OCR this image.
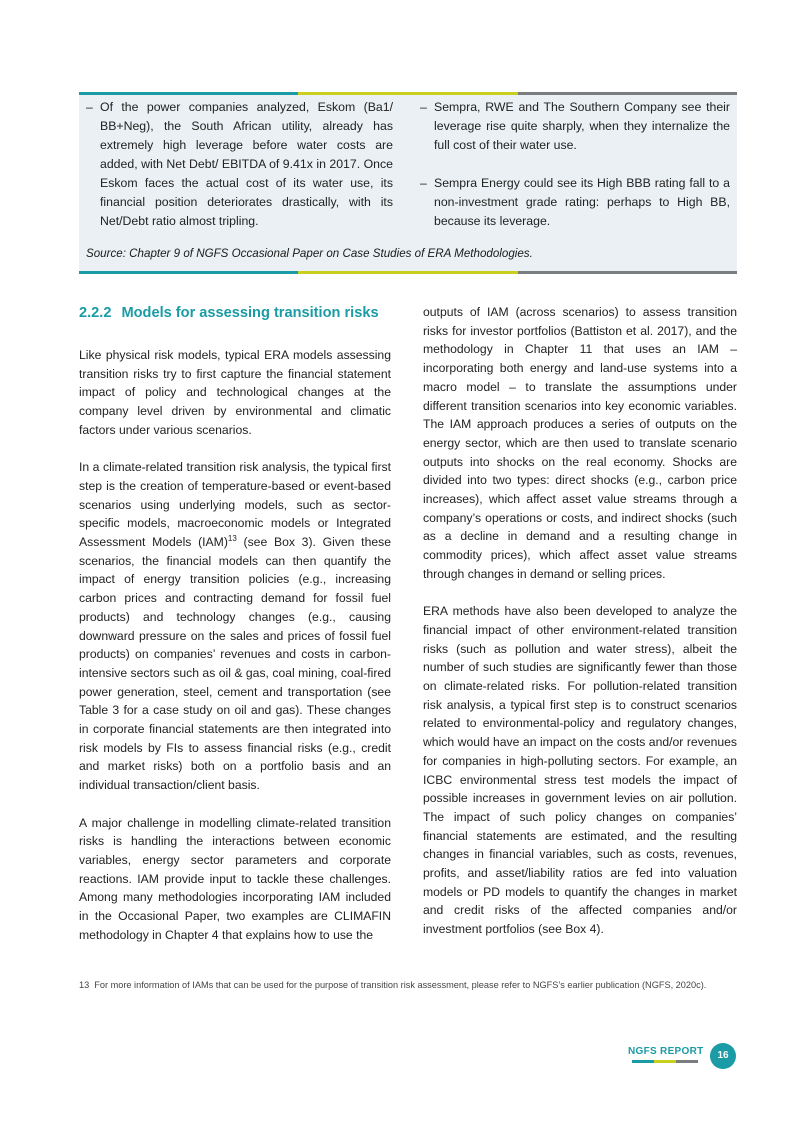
– Of the power companies analyzed, Eskom (Ba1/ BB+Neg), the South African utility, already has extremely high leverage before water costs are added, with Net Debt/ EBITDA of 9.41x in 2017. Once Eskom faces the actual cost of its water use, its financial position deteriorates drastically, with its Net/Debt ratio almost tripling.
– Sempra, RWE and The Southern Company see their leverage rise quite sharply, when they internalize the full cost of their water use.
– Sempra Energy could see its High BBB rating fall to a non-investment grade rating: perhaps to High BB, because its leverage.
Source: Chapter 9 of NGFS Occasional Paper on Case Studies of ERA Methodologies.
2.2.2 Models for assessing transition risks

Like physical risk models, typical ERA models assessing transition risks try to first capture the financial statement impact of policy and technological changes at the company level driven by environmental and climatic factors under various scenarios.

In a climate-related transition risk analysis, the typical first step is the creation of temperature-based or event-based scenarios using underlying models, such as sector-specific models, macroeconomic models or Integrated Assessment Models (IAM)$^{13}$ (see Box 3). Given these scenarios, the financial models can then quantify the impact of energy transition policies (e.g., increasing carbon prices and contracting demand for fossil fuel products) and technology changes (e.g., causing downward pressure on the sales and prices of fossil fuel products) on companies’ revenues and costs in carbon-intensive sectors such as oil & gas, coal mining, coal-fired power generation, steel, cement and transportation (see Table 3 for a case study on oil and gas). These changes in corporate financial statements are then integrated into risk models by FIs to assess financial risks (e.g., credit and market risks) both on a portfolio basis and an individual transaction/client basis.

A major challenge in modelling climate-related transition risks is handling the interactions between economic variables, energy sector parameters and corporate reactions. IAM provide input to tackle these challenges. Among many methodologies incorporating IAM included in the Occasional Paper, two examples are CLIMAFIN methodology in Chapter 4 that explains how to use the

outputs of IAM (across scenarios) to assess transition risks for investor portfolios (Battiston et al. 2017), and the methodology in Chapter 11 that uses an IAM – incorporating both energy and land-use systems into a macro model – to translate the assumptions under different transition scenarios into key economic variables. The IAM approach produces a series of outputs on the energy sector, which are then used to translate scenario outputs into shocks on the real economy. Shocks are divided into two types: direct shocks (e.g., carbon price increases), which affect asset value streams through a company’s operations or costs, and indirect shocks (such as a decline in demand and a resulting change in commodity prices), which affect asset value streams through changes in demand or selling prices.

ERA methods have also been developed to analyze the financial impact of other environment-related transition risks (such as pollution and water stress), albeit the number of such studies are significantly fewer than those on climate-related risks. For pollution-related transition risk analysis, a typical first step is to construct scenarios related to environmental-policy and regulatory changes, which would have an impact on the costs and/or revenues for companies in high-polluting sectors. For example, an ICBC environmental stress test models the impact of possible increases in government levies on air pollution. The impact of such policy changes on companies’ financial statements are estimated, and the resulting changes in financial variables, such as costs, revenues, profits, and asset/liability ratios are fed into valuation models or PD models to quantify the changes in market and credit risks of the affected companies and/or investment portfolios (see Box 4).

13 For more information of IAMs that can be used for the purpose of transition risk assessment, please refer to NGFS’s earlier publication (NGFS, 2020c).
NGFS REPORT	16
